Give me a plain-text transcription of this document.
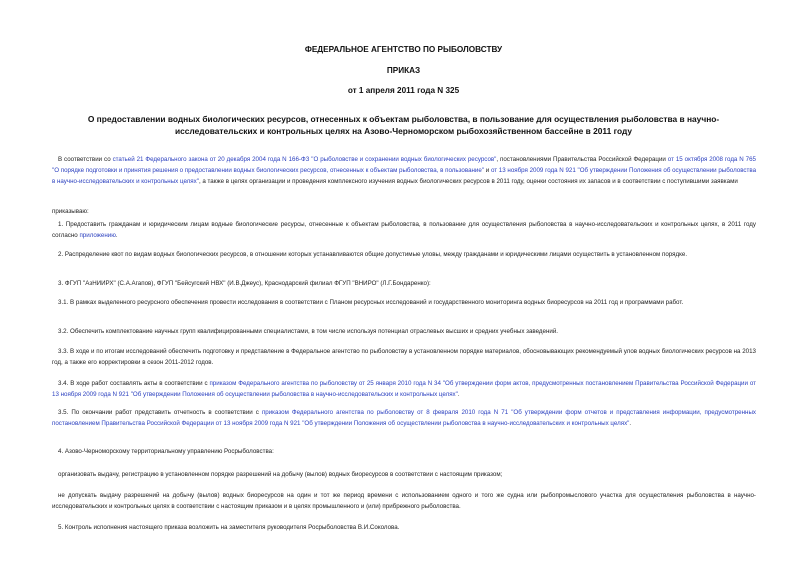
ФЕДЕРАЛЬНОЕ АГЕНТСТВО ПО РЫБОЛОВСТВУ
ПРИКАЗ
от 1 апреля 2011 года N 325
О предоставлении водных биологических ресурсов, отнесенных к объектам рыболовства, в пользование для осуществления рыболовства в научно-исследовательских и контрольных целях на Азово-Черноморском рыбохозяйственном бассейне в 2011 году
В соответствии со статьей 21 Федерального закона от 20 декабря 2004 года N 166-ФЗ "О рыболовстве и сохранении водных биологических ресурсов", постановлениями Правительства Российской Федерации от 15 октября 2008 года N 765 "О порядке подготовки и принятия решения о предоставлении водных биологических ресурсов, отнесенных к объектам рыболовства, в пользование" и от 13 ноября 2009 года N 921 "Об утверждении Положения об осуществлении рыболовства в научно-исследовательских и контрольных целях", а также в целях организации и проведения комплексного изучения водных биологических ресурсов в 2011 году, оценки состояния их запасов и в соответствии с поступившими заявками
приказываю:
1. Предоставить гражданам и юридическим лицам водные биологические ресурсы, отнесенные к объектам рыболовства, в пользование для осуществления рыболовства в научно-исследовательских и контрольных целях, в 2011 году согласно приложению.
2. Распределение квот по видам водных биологических ресурсов, в отношении которых устанавливаются общие допустимые уловы, между гражданами и юридическими лицами осуществить в установленном порядке.
3. ФГУП "АзНИИРХ" (С.А.Агапов), ФГУП "Бейсугский НВХ" (И.В.Джеус), Краснодарский филиал ФГУП "ВНИРО" (Л.Г.Бондаренко):
3.1. В рамках выделенного ресурсного обеспечения провести исследования в соответствии с Планом ресурсных исследований и государственного мониторинга водных биоресурсов на 2011 год и программами работ.
3.2. Обеспечить комплектование научных групп квалифицированными специалистами, в том числе используя потенциал отраслевых высших и средних учебных заведений.
3.3. В ходе и по итогам исследований обеспечить подготовку и представление в Федеральное агентство по рыболовству в установленном порядке материалов, обосновывающих рекомендуемый улов водных биологических ресурсов на 2013 год, а также его корректировки в сезон 2011-2012 годов.
3.4. В ходе работ составлять акты в соответствии с приказом Федерального агентства по рыболовству от 25 января 2010 года N 34 "Об утверждении форм актов, предусмотренных постановлением Правительства Российской Федерации от 13 ноября 2009 года N 921 "Об утверждении Положения об осуществлении рыболовства в научно-исследовательских и контрольных целях".
3.5. По окончании работ представить отчетность в соответствии с приказом Федерального агентства по рыболовству от 8 февраля 2010 года N 71 "Об утверждении форм отчетов и представления информации, предусмотренных постановлением Правительства Российской Федерации от 13 ноября 2009 года N 921 "Об утверждении Положения об осуществлении рыболовства в научно-исследовательских и контрольных целях".
4. Азово-Черноморскому территориальному управлению Росрыболовства:
организовать выдачу, регистрацию в установленном порядке разрешений на добычу (вылов) водных биоресурсов в соответствии с настоящим приказом;
не допускать выдачу разрешений на добычу (вылов) водных биоресурсов на один и тот же период времени с использованием одного и того же судна или рыбопромыслового участка для осуществления рыболовства в научно-исследовательских и контрольных целях в соответствии с настоящим приказом и в целях промышленного и (или) прибрежного рыболовства.
5. Контроль исполнения настоящего приказа возложить на заместителя руководителя Росрыболовства В.И.Соколова.
